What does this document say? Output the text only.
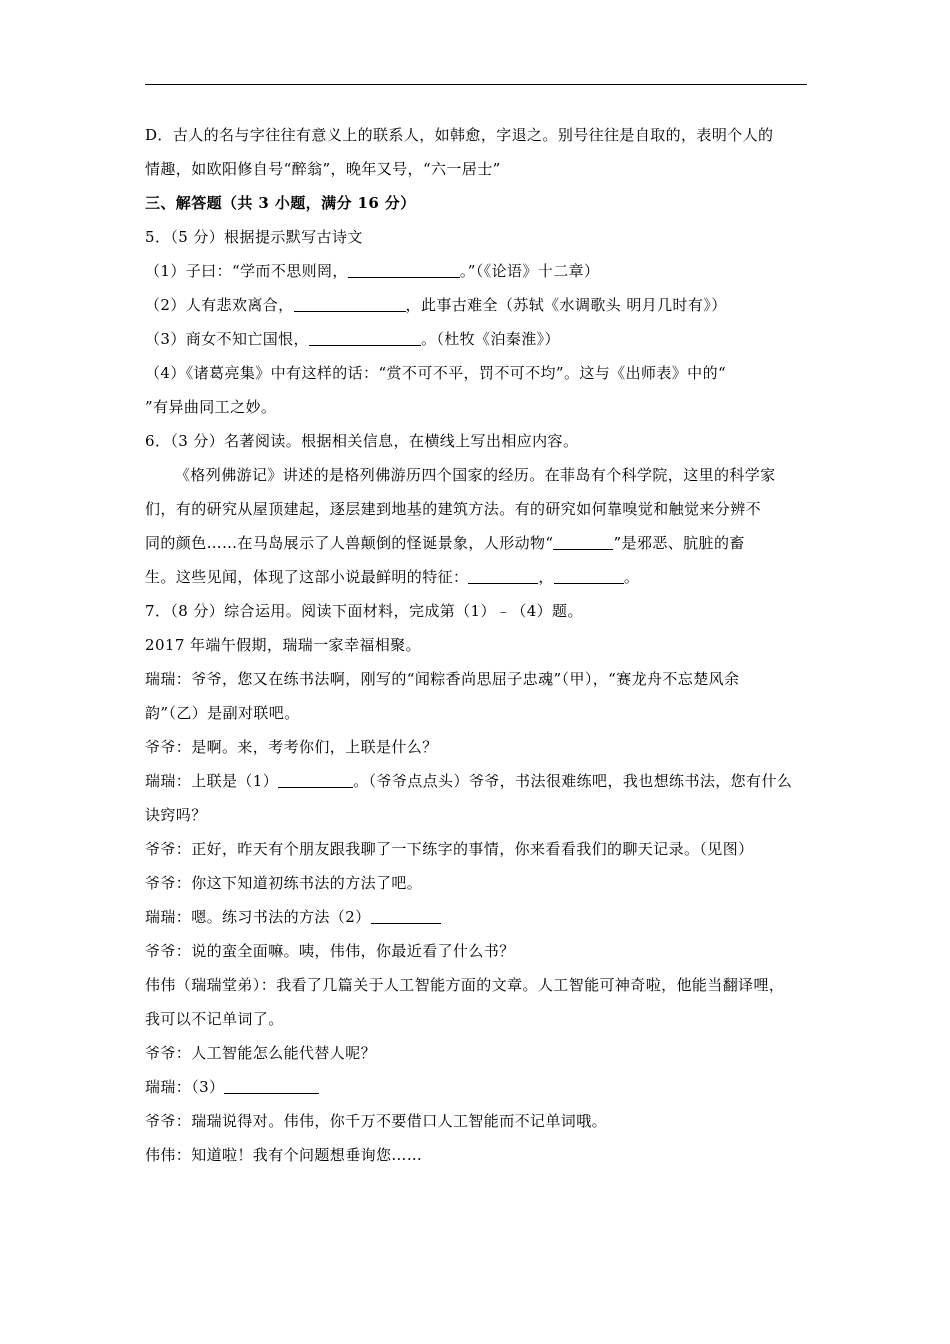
D．古人的名与字往往有意义上的联系人，如韩愈，字退之。别号往往是自取的，表明个人的

情趣，如欧阳修自号“醉翁”，晚年又号，“六一居士”

三、解答题（共 3 小题，满分 16 分）

5．（5 分）根据提示默写古诗文

（1）子曰：“学而不思则罔，	。”（《论语》十二章）

（2）人有悲欢离合，	，此事古难全（苏轼《水调歌头 明月几时有》）

（3）商女不知亡国恨，	。（杜牧《泊秦淮》）

（4）《诸葛亮集》中有这样的话：“赏不可不平，罚不可不均”。这与《出师表》中的“

”有异曲同工之妙。

6．（3 分）名著阅读。根据相关信息，在横线上写出相应内容。

《格列佛游记》讲述的是格列佛游历四个国家的经历。在菲岛有个科学院，这里的科学家

们，有的研究从屋顶建起，逐层建到地基的建筑方法。有的研究如何靠嗅觉和触觉来分辨不

同的颜色……在马岛展示了人兽颠倒的怪诞景象，人形动物“	”是邪恶、肮脏的畜

生。这些见闻，体现了这部小说最鲜明的特征：	，	。

7．（8 分）综合运用。阅读下面材料，完成第（1）﹣（4）题。

2017 年端午假期，瑞瑞一家幸福相聚。

瑞瑞：爷爷，您又在练书法啊，刚写的“闻粽香尚思屈子忠魂”（甲），“赛龙舟不忘楚风余

韵”（乙）是副对联吧。

爷爷：是啊。来，考考你们，上联是什么？

瑞瑞：上联是（1）	。（爷爷点点头）爷爷，书法很难练吧，我也想练书法，您有什么

诀窍吗？

爷爷：正好，昨天有个朋友跟我聊了一下练字的事情，你来看看我们的聊天记录。（见图）

爷爷：你这下知道初练书法的方法了吧。

瑞瑞：嗯。练习书法的方法（2）

爷爷：说的蛮全面嘛。咦，伟伟，你最近看了什么书？

伟伟（瑞瑞堂弟）：我看了几篇关于人工智能方面的文章。人工智能可神奇啦，他能当翻译哩，

我可以不记单词了。

爷爷：人工智能怎么能代替人呢？

瑞瑞：（3）

爷爷：瑞瑞说得对。伟伟，你千万不要借口人工智能而不记单词哦。

伟伟：知道啦！我有个问题想垂询您……
